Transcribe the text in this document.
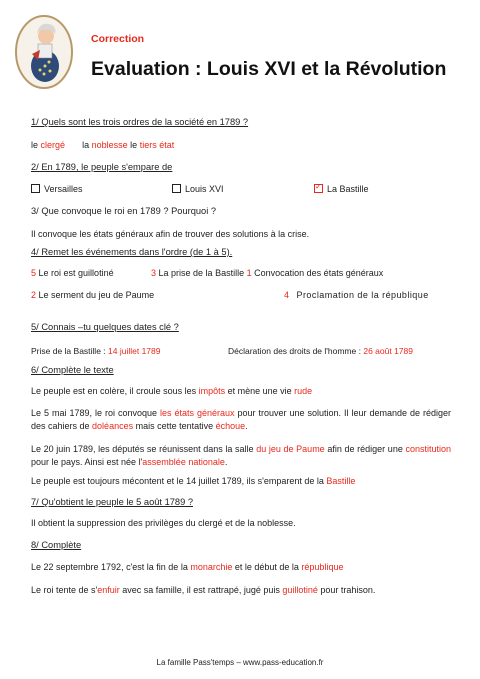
Correction
Evaluation : Louis XVI et la Révolution
1/ Quels sont les trois ordres de la société en 1789 ?
le clergé la noblesse le tiers état
2/ En 1789, le peuple s'empare de
Versailles	Louis XVI
✓	La Bastille
3/ Que convoque le roi en 1789 ? Pourquoi ?
Il convoque les états généraux afin de trouver des solutions à la crise.
4/ Remet les événements dans l'ordre (de 1 à 5).
5 Le roi est guillotiné	3 La prise de la Bastille 1 Convocation des états généraux
2 Le serment du jeu de Paume	4 Proclamation de la république
5/ Connais –tu quelques dates clé ?
Prise de la Bastille : 14 juillet 1789	Déclaration des droits de l'homme : 26 août 1789
6/ Complète le texte
Le peuple est en colère, il croule sous les impôts et mène une vie rude
Le 5 mai 1789, le roi convoque les états généraux pour trouver une solution. Il leur demande de rédiger des cahiers de doléances mais cette tentative échoue.
Le 20 juin 1789, les députés se réunissent dans la salle du jeu de Paume afin de rédiger une constitution pour le pays. Ainsi est née l'assemblée nationale.
Le peuple est toujours mécontent et le 14 juillet 1789, ils s'emparent de la Bastille
7/ Qu'obtient le peuple le 5 août 1789 ?
Il obtient la suppression des privilèges du clergé et de la noblesse.
8/ Complète
Le 22 septembre 1792, c'est la fin de la monarchie et le début de la république
Le roi tente de s'enfuir avec sa famille, il est rattrapé, jugé puis guillotiné pour trahison.
La famille Pass'temps – www.pass-education.fr
